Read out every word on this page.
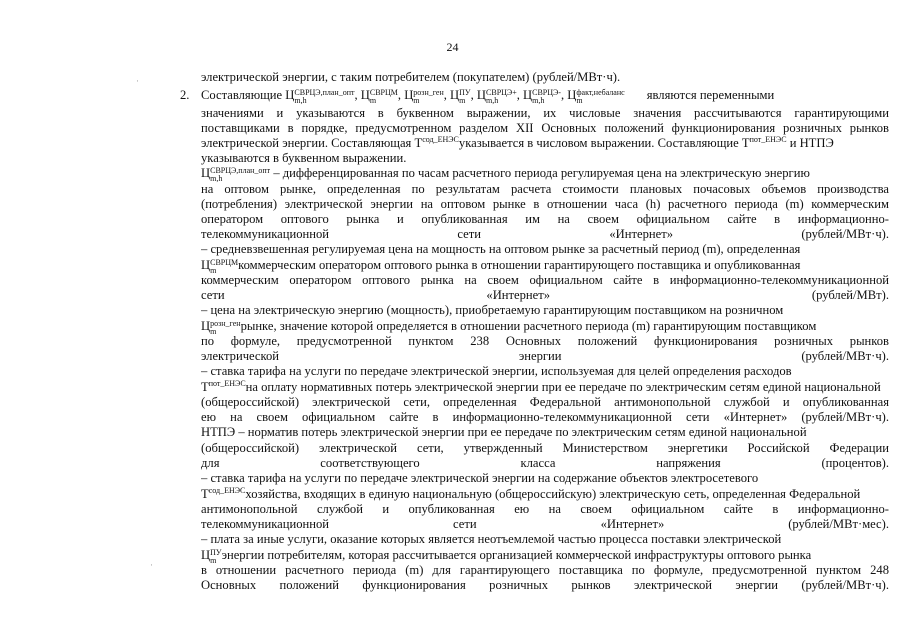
24
электрической энергии, с таким потребителем (покупателем) (рублей/МВт·ч).
2. Составляющие Ц СВРЦЭ,план_опт
m,h	, Ц СВРЦМ
m	, Ц розн_ген
m	, Ц ПУ
m , Ц СВРЦЭ+
m,h	, Ц СВРЦЭ-
m,h	, Ц факт,небаланс
m	являются переменными
значениями и указываются в буквенном выражении, их числовые значения рассчитываются гарантирующими
поставщиками в порядке, предусмотренном разделом XII Основных положений функционирования розничных рынков
электрической энергии. Составляющая $Т^{сод\_ЕНЭС}указывается$ в числовом выражении. Составляющие $Т^{пот\_ЕНЭС}$ и НТПЭ
указываются в буквенном выражении.
Ц СВРЦЭ,план_опт
m,h	– дифференцированная по часам расчетного периода регулируемая цена на электрическую энергию
на оптовом рынке, определенная по результатам расчета стоимости плановых почасовых объемов производства
(потребления) электрической энергии на оптовом рынке в отношении часа (h) расчетного периода (m) коммерческим
оператором оптового рынка и опубликованная им на своем официальном сайте в информационно-
телекоммуникационной сети «Интернет» (рублей/МВт·ч).
– средневзвешенная регулируемая цена на мощность на оптовом рынке за расчетный период (m), определенная
Ц СВРЦМ
m	коммерческим оператором оптового рынка в отношении гарантирующего поставщика и опубликованная
коммерческим оператором оптового рынка на своем официальном сайте в информационно-телекоммуникационной
сети «Интернет» (рублей/МВт).
– цена на электрическую энергию (мощность), приобретаемую гарантирующим поставщиком на розничном
Ц розн_ген
m	рынке, значение которой определяется в отношении расчетного периода (m) гарантирующим поставщиком
по формуле, предусмотренной пунктом 238 Основных положений функционирования розничных рынков
электрической энергии (рублей/МВт·ч).
– ставка тарифа на услуги по передаче электрической энергии, используемая для целей определения расходов
$Т^{пот\_ЕНЭС}на$ оплату нормативных потерь электрической энергии при ее передаче по электрическим сетям единой национальной
(общероссийской) электрической сети, определенная Федеральной антимонопольной службой и опубликованная
ею на своем официальном сайте в информационно-телекоммуникационной сети «Интернет» (рублей/МВт·ч).
НТПЭ – норматив потерь электрической энергии при ее передаче по электрическим сетям единой национальной
(общероссийской) электрической сети, утвержденный Министерством энергетики Российской Федерации
для соответствующего класса напряжения (процентов).
– ставка тарифа на услуги по передаче электрической энергии на содержание объектов электросетевого
$Т^{сод\_ЕНЭС}хозяйства$, входящих в единую национальную (общероссийскую) электрическую сеть, определенная Федеральной
антимонопольной службой и опубликованная ею на своем официальном сайте в информационно-
телекоммуникационной сети «Интернет» (рублей/МВт·мес).
– плата за иные услуги, оказание которых является неотъемлемой частью процесса поставки электрической
Ц ПУ
m энергии потребителям, которая рассчитывается организацией коммерческой инфраструктуры оптового рынка
в отношении расчетного периода (m) для гарантирующего поставщика по формуле, предусмотренной пунктом 248
Основных положений функционирования розничных рынков электрической энергии (рублей/МВт·ч).
·
·
